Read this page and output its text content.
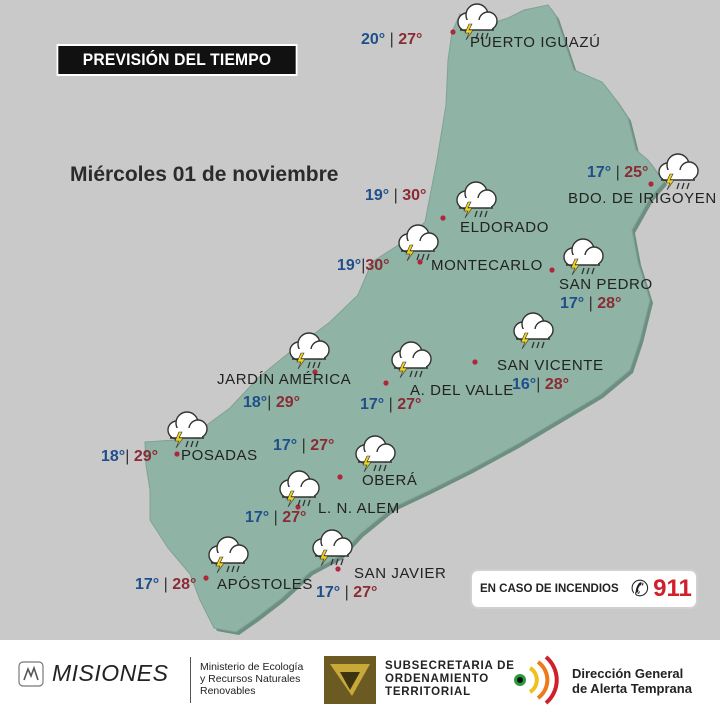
PREVISIÓN DEL TIEMPO
Miércoles 01 de noviembre
PUERTO IGUAZÚ
BDO. DE IRIGOYEN
ELDORADO
MONTECARLO
SAN PEDRO
SAN VICENTE
JARDÍN AMÉRICA
A. DEL VALLE
POSADAS
OBERÁ
L. N. ALEM
APÓSTOLES
SAN JAVIER
20° | 27°
17° | 25°
19° | 30°
19°|30°
17° | 28°
16°| 28°
18°| 29°	17° | 27°
18°| 29°
17° | 27°
17° | 27°
17° | 28°	17° | 27°	EN CASO DE INCENDIOS ✆ 911
MISIONES	Ministerio de Ecología
y Recursos Naturales
Renovables
SUBSECRETARIA DE
ORDENAMIENTO
TERRITORIAL
Dirección General
de Alerta Temprana
